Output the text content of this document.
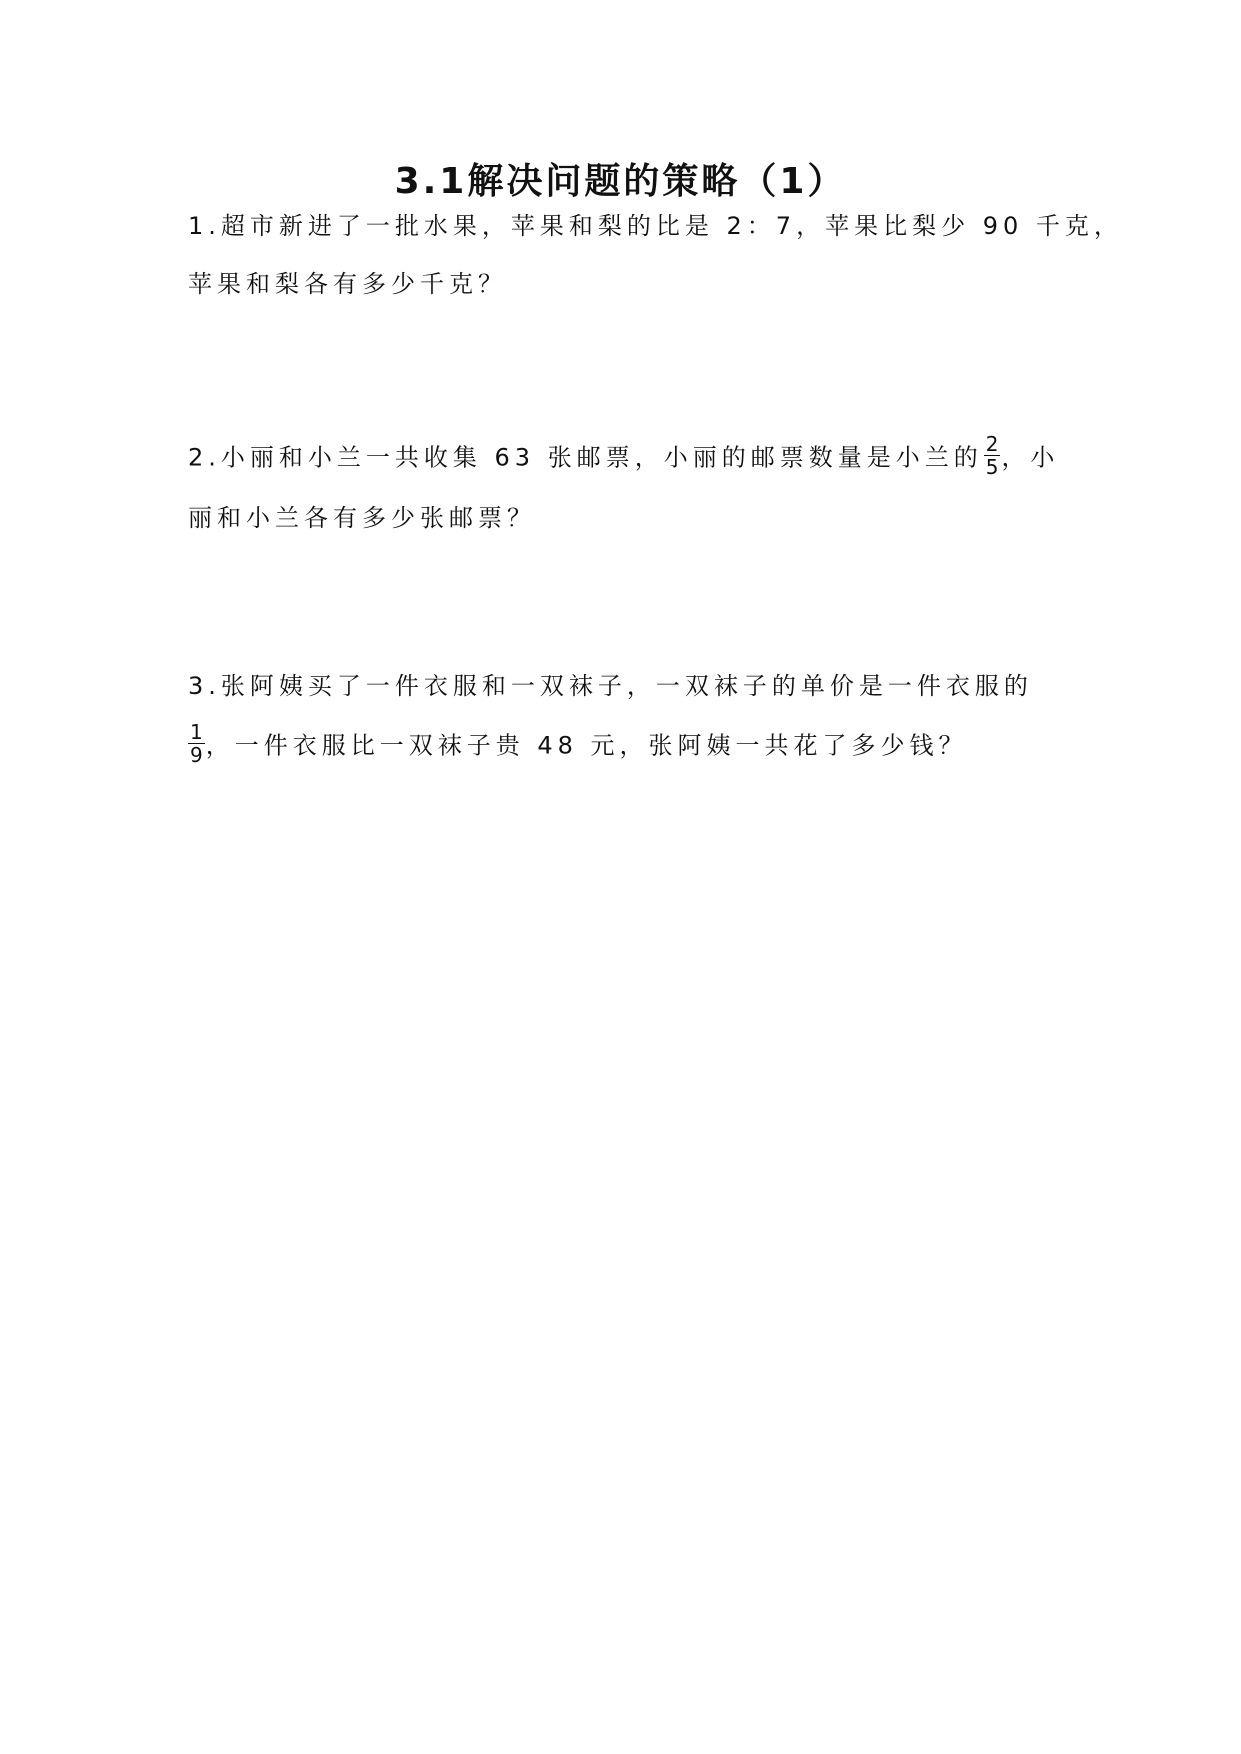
3.1解决问题的策略（1）
1.超市新进了一批水果，苹果和梨的比是 2：7，苹果比梨少 90 千克，
苹果和梨各有多少千克？
2.小丽和小兰一共收集 63 张邮票，小丽的邮票数量是小兰的 $\frac{2}{5}$ ，小
丽和小兰各有多少张邮票？
3.张阿姨买了一件衣服和一双袜子，一双袜子的单价是一件衣服的
$\frac{1}{9}$ ，一件衣服比一双袜子贵 48 元，张阿姨一共花了多少钱？
